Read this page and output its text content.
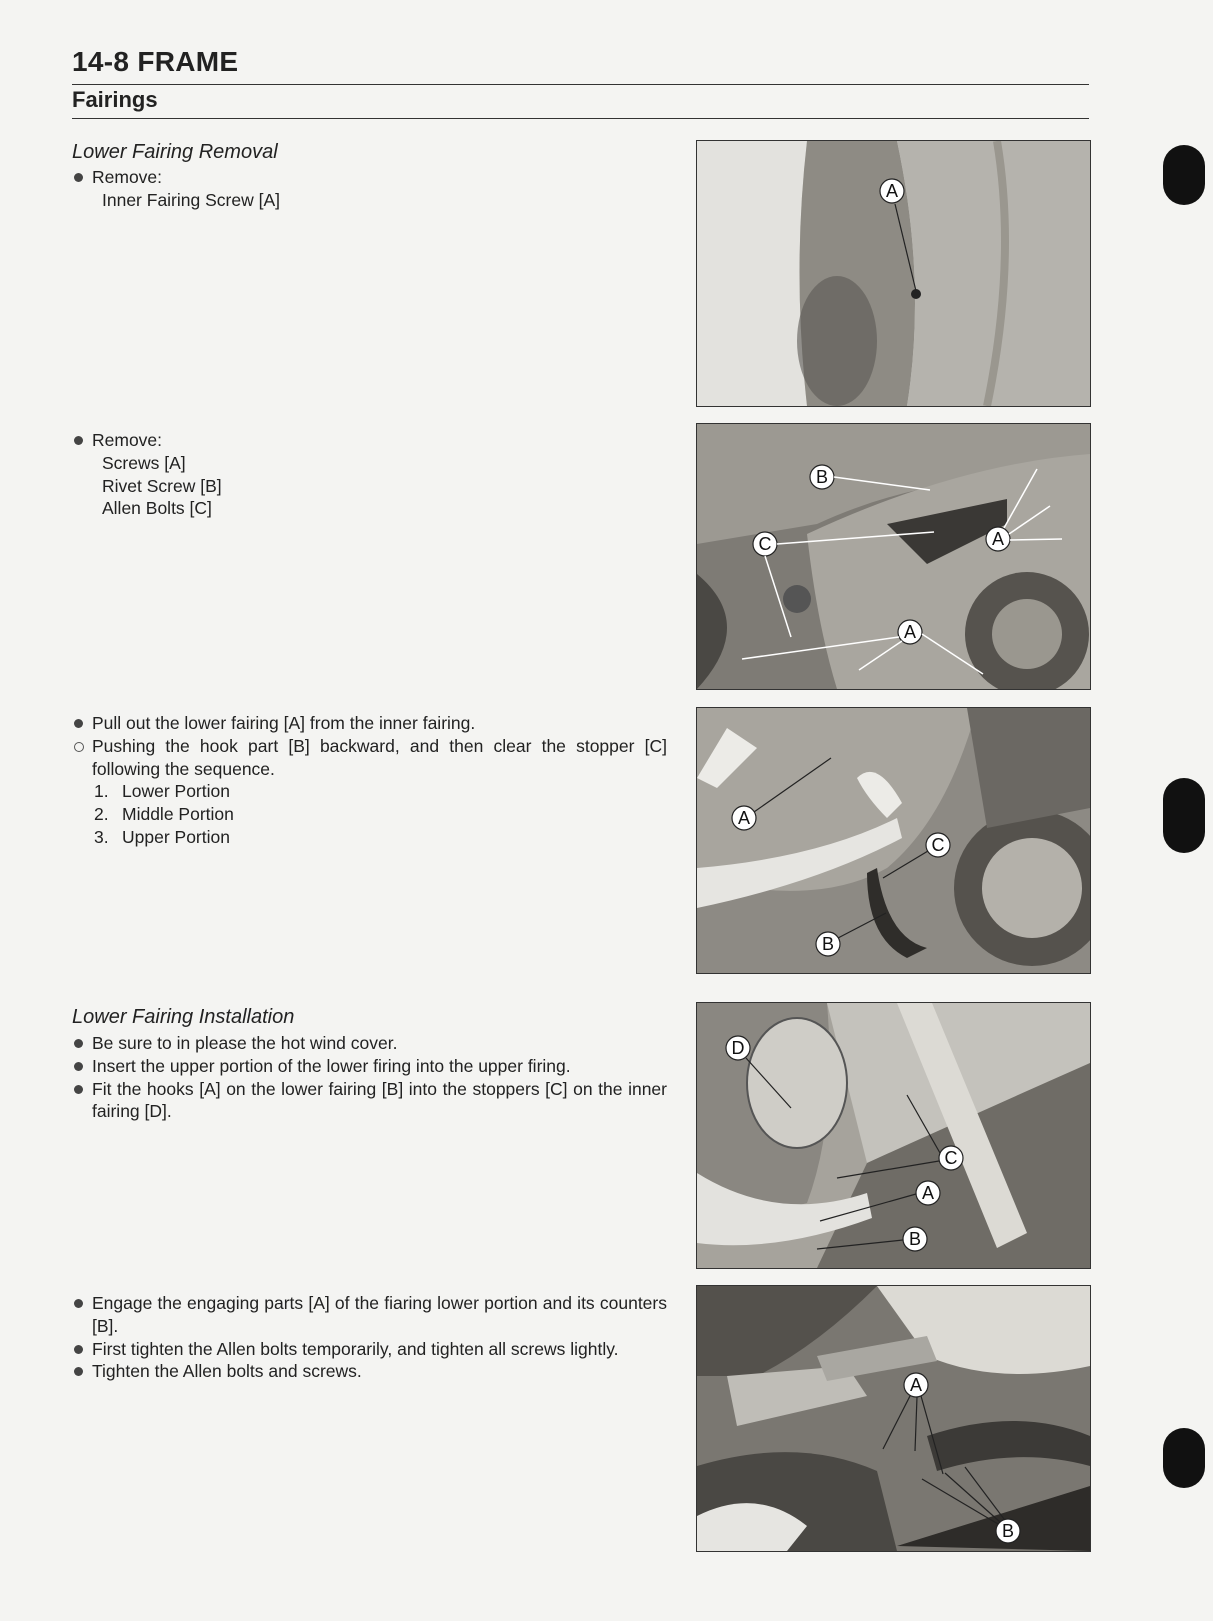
14-8 FRAME
Fairings
Lower Fairing Removal
Remove:
Inner Fairing Screw [A]
Remove:
Screws [A]
Rivet Screw [B]
Allen Bolts [C]
Pull out the lower fairing [A] from the inner fairing.
Pushing the hook part [B] backward, and then clear the stopper [C] following the sequence.
1. Lower Portion
2. Middle Portion
3. Upper Portion
Lower Fairing Installation
Be sure to in please the hot wind cover.
Insert the upper portion of the lower firing into the upper firing.
Fit the hooks [A] on the lower fairing [B] into the stoppers [C] on the inner fairing [D].
Engage the engaging parts [A] of the fiaring lower portion and its counters [B].
First tighten the Allen bolts temporarily, and tighten all screws lightly.
Tighten the Allen bolts and screws.
A
B
C	A
A
A
C
B
D
C
A
B
A
B
